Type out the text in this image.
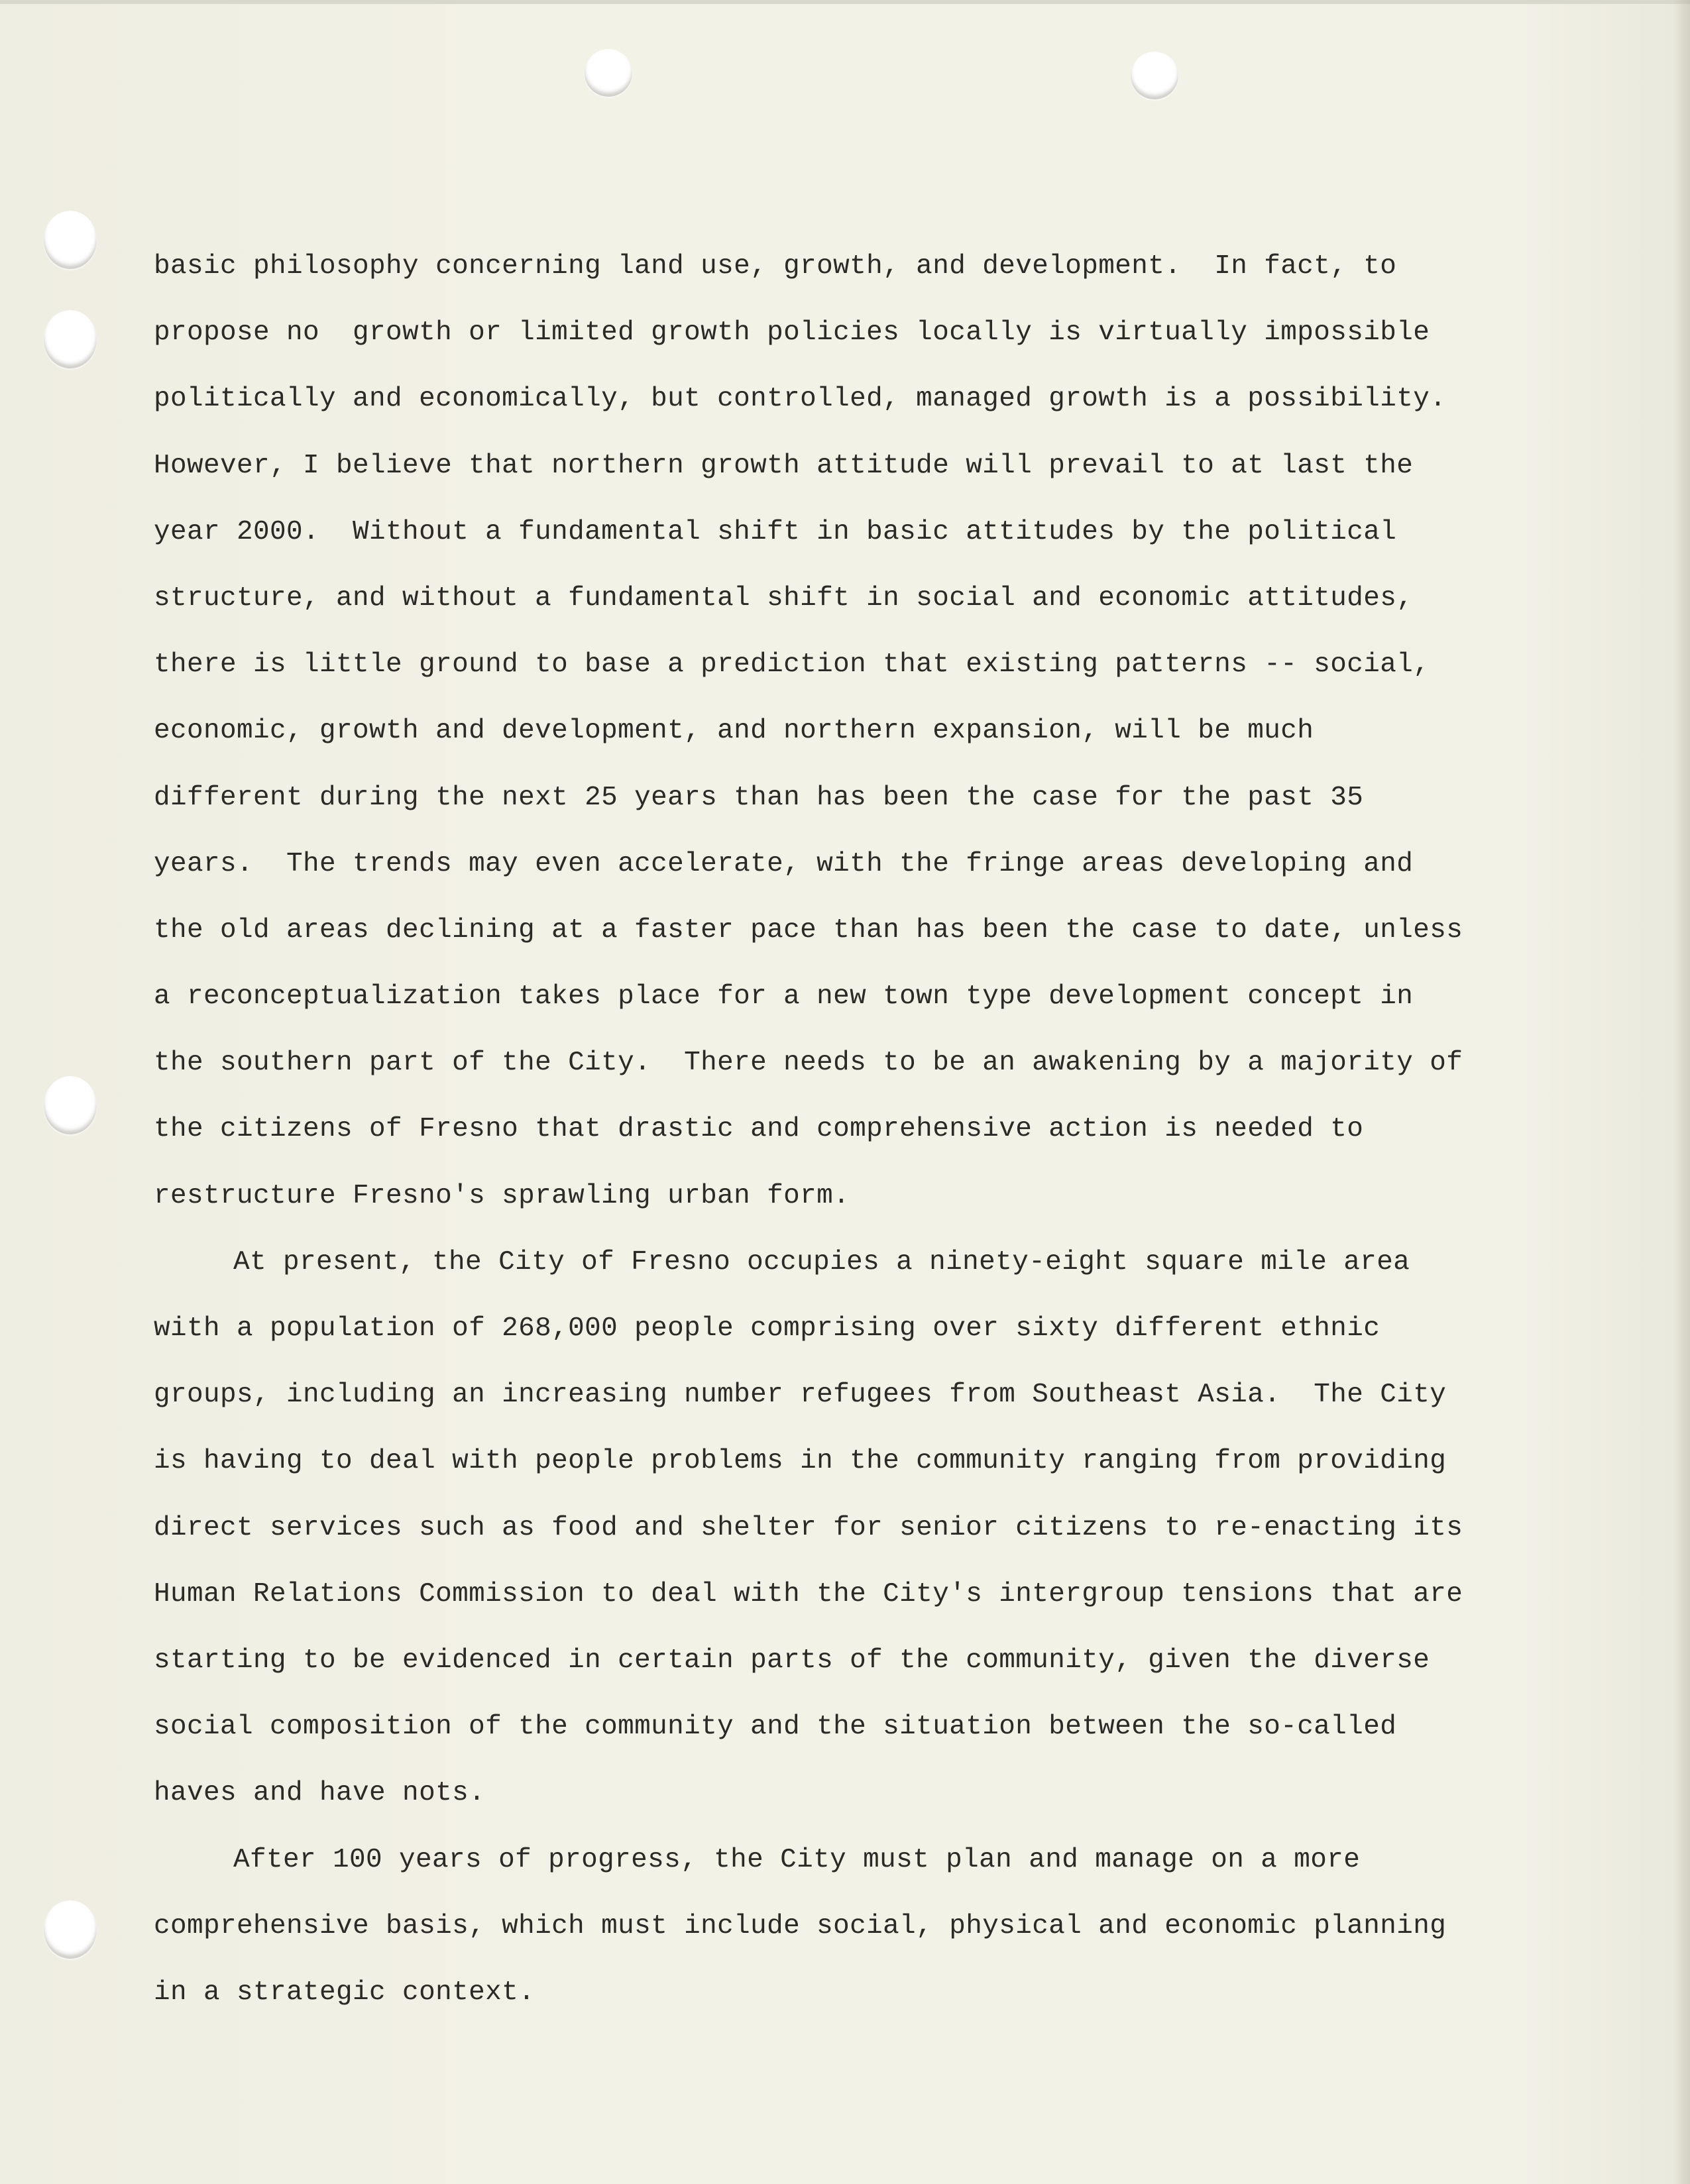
basic philosophy concerning land use, growth, and development.  In fact, to
propose no  growth or limited growth policies locally is virtually impossible
politically and economically, but controlled, managed growth is a possibility.
However, I believe that northern growth attitude will prevail to at last the
year 2000.  Without a fundamental shift in basic attitudes by the political
structure, and without a fundamental shift in social and economic attitudes,
there is little ground to base a prediction that existing patterns -- social,
economic, growth and development, and northern expansion, will be much
different during the next 25 years than has been the case for the past 35
years.  The trends may even accelerate, with the fringe areas developing and
the old areas declining at a faster pace than has been the case to date, unless
a reconceptualization takes place for a new town type development concept in
the southern part of the City.  There needs to be an awakening by a majority of
the citizens of Fresno that drastic and comprehensive action is needed to
restructure Fresno's sprawling urban form.
At present, the City of Fresno occupies a ninety-eight square mile area
with a population of 268,000 people comprising over sixty different ethnic
groups, including an increasing number refugees from Southeast Asia.  The City
is having to deal with people problems in the community ranging from providing
direct services such as food and shelter for senior citizens to re-enacting its
Human Relations Commission to deal with the City's intergroup tensions that are
starting to be evidenced in certain parts of the community, given the diverse
social composition of the community and the situation between the so-called
haves and have nots.
After 100 years of progress, the City must plan and manage on a more
comprehensive basis, which must include social, physical and economic planning
in a strategic context.
